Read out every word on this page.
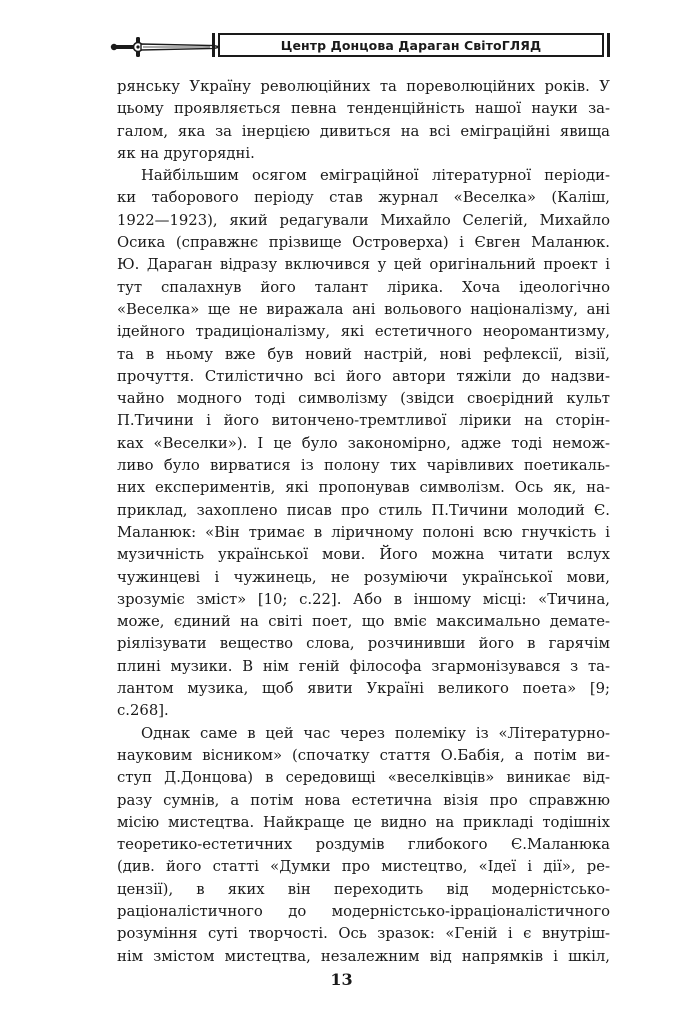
Центр Донцова Дараган СвітоГЛЯД
рянську Україну революційних та пореволюційних років. У
цьому проявляється певна тенденційність нашої науки за-
галом, яка за інерцією дивиться на всі еміграційні явища
як на другорядні.
Найбільшим осягом еміграційної літературної періоди-
ки таборового періоду став журнал «Веселка» (Каліш,
1922—1923), який редагували Михайло Селегій, Михайло
Осика (справжнє прізвище Островерха) і Євген Маланюк.
Ю. Дараган відразу включився у цей оригінальний проект і
тут спалахнув його талант лірика. Хоча ідеологічно
«Веселка» ще не виражала ані вольового націоналізму, ані
ідейного традиціоналізму, які естетичного неоромантизму,
та в ньому вже був новий настрій, нові рефлексії, візії,
прочуття. Стилістично всі його автори тяжіли до надзви-
чайно модного тоді символізму (звідси своєрідний культ
П.Тичини і його витончено-тремтливої лірики на сторін-
ках «Веселки»). І це було закономірно, адже тоді немож-
ливо було вирватися із полону тих чарівливих поетикаль-
них експериментів, які пропонував символізм. Ось як, на-
приклад, захоплено писав про стиль П.Тичини молодий Є.
Маланюк: «Він тримає в ліричному полоні всю гнучкість і
музичність української мови. Його можна читати вслух
чужинцеві і чужинець, не розуміючи української мови,
зрозуміє зміст» [10; с.22]. Або в іншому місці: «Тичина,
може, єдиний на світі поет, що вміє максимально демате-
ріялізувати вещество слова, розчинивши його в гарячім
плині музики. В нім геній філософа згармонізувався з та-
лантом музика, щоб явити Україні великого поета» [9;
с.268].
Однак саме в цей час через полеміку із «Літературно-
науковим вісником» (спочатку стаття О.Бабія, а потім ви-
ступ Д.Донцова) в середовищі «веселківців» виникає від-
разу сумнів, а потім нова естетична візія про справжню
місію мистецтва. Найкраще це видно на прикладі тодішніх
теоретико-естетичних роздумів глибокого Є.Маланюка
(див. його статті «Думки про мистецтво, «Ідеї і дії», ре-
цензії), в яких він переходить від модерністсько-
раціоналістичного до модерністсько-ірраціоналістичного
розуміння суті творчості. Ось зразок: «Геній і є внутріш-
нім змістом мистецтва, незалежним від напрямків і шкіл,
13
